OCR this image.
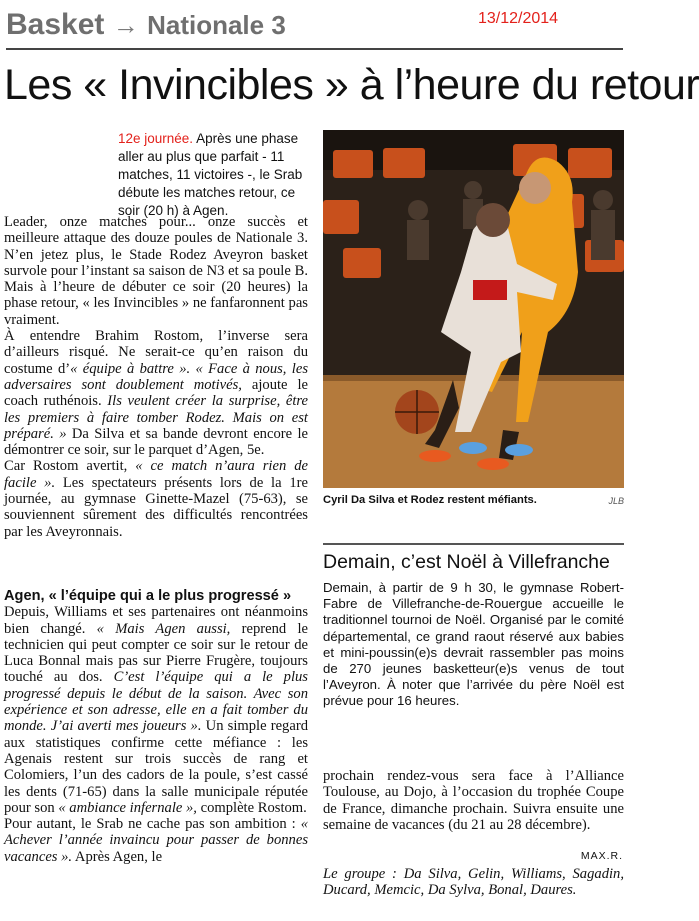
Basket → Nationale 3	13/12/2014
Les « Invincibles » à l’heure du retour
12e journée. Après une phase aller au plus que parfait - 11 matches, 11 victoires -, le Srab débute les matches retour, ce soir (20 h) à Agen.

Leader, onze matches pour... onze succès et meilleure attaque des douze poules de Nationale 3. N’en jetez plus, le Stade Rodez Aveyron basket survole pour l’instant sa saison de N3 et sa poule B. Mais à l’heure de débuter ce soir (20 heures) la phase retour, « les Invincibles » ne fanfaronnent pas vraiment.

À entendre Brahim Rostom, l’inverse sera d’ailleurs risqué. Ne serait-ce qu’en raison du costume d’« équipe à battre ». « Face à nous, les adversaires sont doublement motivés, ajoute le coach ruthénois. Ils veulent créer la surprise, être les premiers à faire tomber Rodez. Mais on est préparé. » Da Silva et sa bande devront encore le démontrer ce soir, sur le parquet d’Agen, 5e.

Car Rostom avertit, « ce match n’aura rien de facile ». Les spectateurs présents lors de la 1re journée, au gymnase Ginette-Mazel (75-63), se souviennent sûrement des difficultés rencontrées par les Aveyronnais.

Agen, « l’équipe qui a le plus progressé »

Depuis, Williams et ses partenaires ont néanmoins bien changé. « Mais Agen aussi, reprend le technicien qui peut compter ce soir sur le retour de Luca Bonnal mais pas sur Pierre Frugère, toujours touché au dos. C’est l’équipe qui a le plus progressé depuis le début de la saison. Avec son expérience et son adresse, elle en a fait tomber du monde. J’ai averti mes joueurs ». Un simple regard aux statistiques confirme cette méfiance : les Agenais restent sur trois succès de rang et Colomiers, l’un des cadors de la poule, s’est cassé les dents (71-65) dans la salle municipale réputée pour son « ambiance infernale », complète Rostom.

Pour autant, le Srab ne cache pas son ambition : « Achever l’année invaincu pour passer de bonnes vacances ». Après Agen, le

Cyril Da Silva et Rodez restent méfiants.	JLB
Demain, c’est Noël à Villefranche
Demain, à partir de 9 h 30, le gymnase Robert-Fabre de Villefranche-de-Rouergue accueille le traditionnel tournoi de Noël. Organisé par le comité départemental, ce grand raout réservé aux babies et mini-poussin(e)s devrait rassembler pas moins de 270 jeunes basketteur(e)s venus de tout l’Aveyron. À noter que l’arrivée du père Noël est prévue pour 16 heures.

prochain rendez-vous sera face à l’Alliance Toulouse, au Dojo, à l’occasion du trophée Coupe de France, dimanche prochain. Suivra ensuite une semaine de vacances (du 21 au 28 décembre).

MAX.R.
Le groupe : Da Silva, Gelin, Williams, Sagadin, Ducard, Memcic, Da Sylva, Bonal, Daures.
